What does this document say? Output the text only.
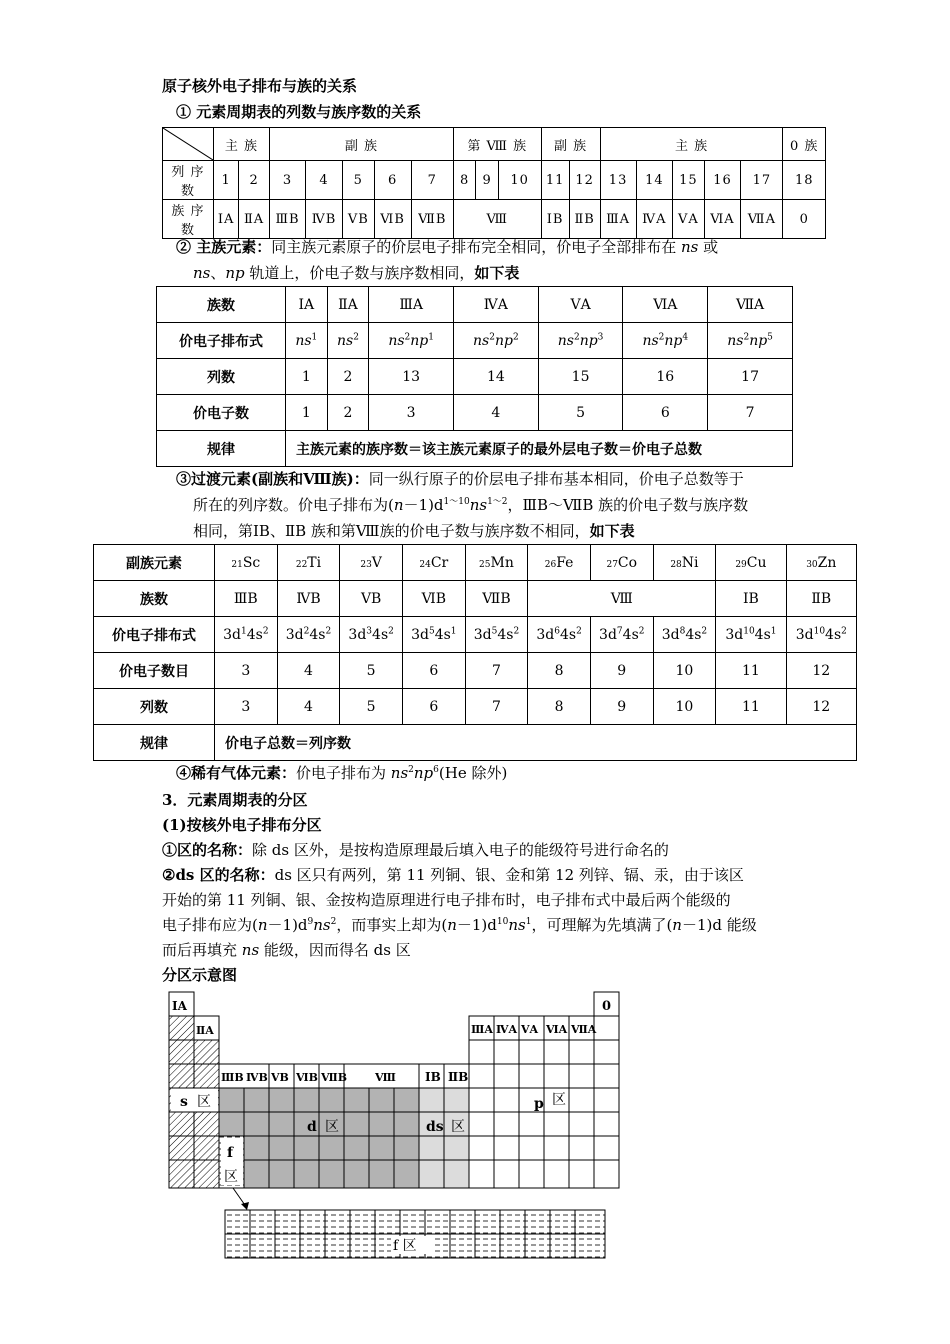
原子核外电子排布与族的关系
① 元素周期表的列数与族序数的关系
	主 族		副 族					第 Ⅷ 族			副 族		主 族					0 族
列 序 数	1	2	3	4	5	6	7	8	9	10	11	12	13	14	15	16	17	18
族 序 数	ⅠA	ⅡA	ⅢB	ⅣB	ⅤB	ⅥB	ⅦB	Ⅷ			ⅠB	ⅡB	ⅢA	ⅣA	ⅤA	ⅥA	ⅦA	0
② 主族元素：同主族元素原子的价层电子排布完全相同，价电子全部排布在 ns 或
ns、np 轨道上，价电子数与族序数相同，如下表
族数	ⅠA	ⅡA	ⅢA	ⅣA	ⅤA	ⅥA	ⅦA
价电子排布式	$ns^1$	$ns^2$	$ns^2np^1$	$ns^2np^2$	$ns^2np^3$	$ns^2np^4$	$ns^2np^5$
列数	1	2	13	14	15	16	17
价电子数	1	2	3	4	5	6	7
规律	主族元素的族序数＝该主族元素原子的最外层电子数＝价电子总数						
③过渡元素(副族和Ⅷ族)：同一纵行原子的价层电子排布基本相同，价电子总数等于
所在的列序数。价电子排布为$(n-1)d^{1\sim 10}ns^{1\sim 2}$，ⅢB～ⅦB 族的价电子数与族序数
相同，第ⅠB、ⅡB 族和第Ⅷ族的价电子数与族序数不相同，如下表
副族元素	21Sc	22Ti	23V	24Cr	25Mn	26Fe	27Co	28Ni	29Cu	30Zn
族数	ⅢB	ⅣB	ⅤB	ⅥB	ⅦB	Ⅷ			ⅠB	ⅡB
价电子排布式	$3d^14s^2$	$3d^24s^2$	$3d^34s^2$	$3d^54s^1$	$3d^54s^2$	$3d^64s^2$	$3d^74s^2$	$3d^84s^2$	$3d^{10}4s^1$	$3d^{10}4s^2$
价电子数目	3	4	5	6	7	8	9	10	11	12
列数	3	4	5	6	7	8	9	10	11	12
规律	价电子总数＝列序数									
④稀有气体元素：价电子排布为 $ns^2np^6(He$ 除外)
3．元素周期表的分区
(1)按核外电子排布分区
①区的名称：除 ds 区外，是按构造原理最后填入电子的能级符号进行命名的
②ds 区的名称：ds 区只有两列，第 11 列铜、银、金和第 12 列锌、镉、汞，由于该区
开始的第 11 列铜、银、金按构造原理进行电子排布时，电子排布式中最后两个能级的
电子排布应为$(n-1)d^9ns^2$，而事实上却为$(n-1)d^{10}ns^1$，可理解为先填满了(n－1)d 能级
而后再填充 ns 能级，因而得名 ds 区
分区示意图
ⅠA
ⅡA
0
ⅢA ⅣA ⅤA ⅥA ⅦA
ⅢB ⅣB ⅤB ⅥB ⅦB	Ⅷ ⅠB ⅡB
s 区
d 区	ds 区
p 区
f
区
f 区
